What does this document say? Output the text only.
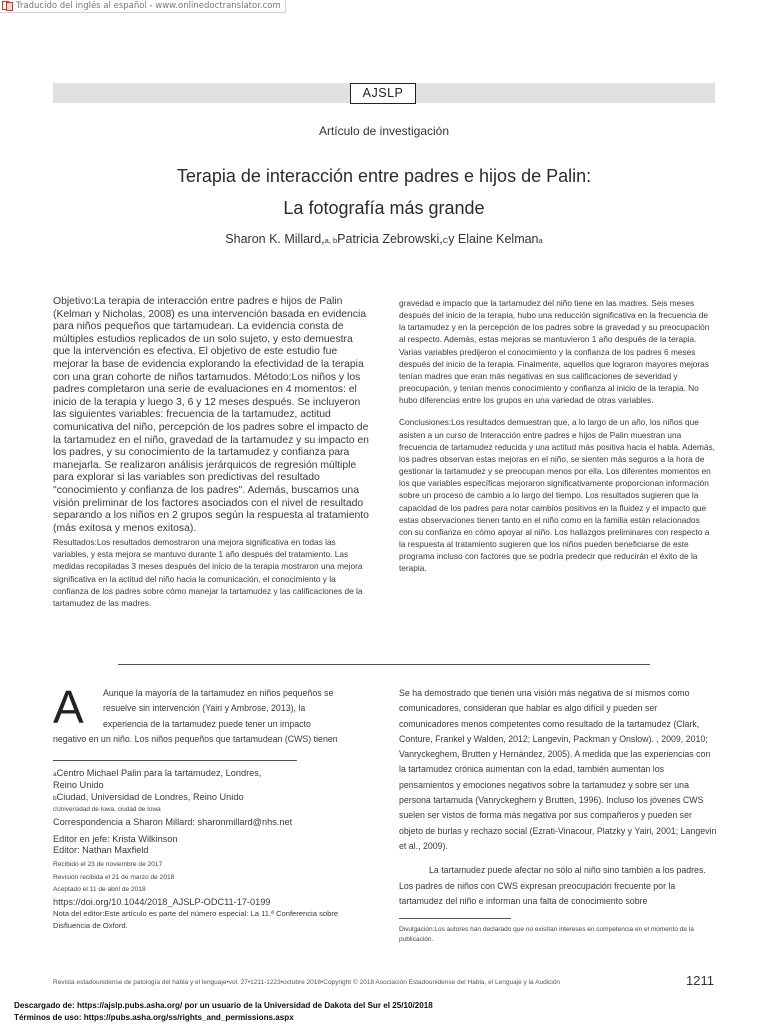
Traducido del inglés al español - www.onlinedoctranslator.com
AJSLP
Artículo de investigación
Terapia de interacción entre padres e hijos de Palin:
La fotografía más grande
Sharon K. Millard,a, bPatricia Zebrowski,Cy Elaine Kelmana

Objetivo:La terapia de interacción entre padres e hijos de Palin (Kelman y Nicholas, 2008) es una intervención basada en evidencia para niños pequeños que tartamudean. La evidencia consta de múltiples estudios replicados de un solo sujeto, y esto demuestra que la intervención es efectiva. El objetivo de este estudio fue mejorar la base de evidencia explorando la efectividad de la terapia con una gran cohorte de niños tartamudos. Método:Los niños y los padres completaron una serie de evaluaciones en 4 momentos: el inicio de la terapia y luego 3, 6 y 12 meses después. Se incluyeron las siguientes variables: frecuencia de la tartamudez, actitud comunicativa del niño, percepción de los padres sobre el impacto de la tartamudez en el niño, gravedad de la tartamudez y su impacto en los padres, y su conocimiento de la tartamudez y confianza para manejarla. Se realizaron análisis jerárquicos de regresión múltiple para explorar si las variables son predictivas del resultado "conocimiento y confianza de los padres". Además, buscamos una visión preliminar de los factores asociados con el nivel de resultado separando a los niños en 2 grupos según la respuesta al tratamiento (más exitosa y menos exitosa).

Resultados:Los resultados demostraron una mejora significativa en todas las variables, y esta mejora se mantuvo durante 1 año después del tratamiento. Las medidas recopiladas 3 meses después del inicio de la terapia mostraron una mejora significativa en la actitud del niño hacia la comunicación, el conocimiento y la confianza de los padres sobre cómo manejar la tartamudez y las calificaciones de la tartamudez de las madres.

gravedad e impacto que la tartamudez del niño tiene en las madres. Seis meses después del inicio de la terapia, hubo una reducción significativa en la frecuencia de la tartamudez y en la percepción de los padres sobre la gravedad y su preocupación al respecto. Además, estas mejoras se mantuvieron 1 año después de la terapia. Varias variables predijeron el conocimiento y la confianza de los padres 6 meses después del inicio de la terapia. Finalmente, aquellos que lograron mayores mejoras tenían madres que eran más negativas en sus calificaciones de severidad y preocupación, y tenían menos conocimiento y confianza al inicio de la terapia. No hubo diferencias entre los grupos en una variedad de otras variables.

Conclusiones:Los resultados demuestran que, a lo largo de un año, los niños que asisten a un curso de Interacción entre padres e hijos de Palin muestran una frecuencia de tartamudez reducida y una actitud más positiva hacia el habla. Además, los padres observan estas mejoras en el niño, se sienten más seguros a la hora de gestionar la tartamudez y se preocupan menos por ella. Los diferentes momentos en los que variables específicas mejoraron significativamente proporcionan información sobre un proceso de cambio a lo largo del tiempo. Los resultados sugieren que la capacidad de los padres para notar cambios positivos en la fluidez y el impacto que estas observaciones tienen tanto en el niño como en la familia están relacionados con su confianza en cómo apoyar al niño. Los hallazgos preliminares con respecto a la respuesta al tratamiento sugieren que los niños pueden beneficiarse de este programa incluso con factores que se podría predecir que reducirán el éxito de la terapia.

A	Aunque la mayoría de la tartamudez en niños pequeños se

resuelve sin intervención (Yairi y Ambrose, 2013), la

experiencia de la tartamudez puede tener un impacto

negativo en un niño. Los niños pequeños que tartamudean (CWS) tienen

aCentro Michael Palin para la tartamudez, Londres,
Reino Unido
bCiudad, Universidad de Londres, Reino Unido
cUniversidad de Iowa, ciudad de Iowa
Correspondencia a Sharon Millard: sharonmillard@nhs.net
Editor en jefe: Krista Wilkinson
Editor: Nathan Maxfield
Recibido el 23 de noviembre de 2017
Revisión recibida el 21 de marzo de 2018
Aceptado el 11 de abril de 2018
https://doi.org/10.1044/2018_AJSLP-ODC11-17-0199
Nota del editor:Este artículo es parte del número especial: La 11.ª Conferencia sobre
Disfluencia de Oxford.

Se ha demostrado que tienen una visión más negativa de sí mismos como comunicadores, consideran que hablar es algo difícil y pueden ser comunicadores menos competentes como resultado de la tartamudez (Clark, Conture, Frankel y Walden, 2012; Langevin, Packman y Onslow). , 2009, 2010; Vanryckeghem, Brutten y Hernández, 2005). A medida que las experiencias con la tartamudez crónica aumentan con la edad, también aumentan los pensamientos y emociones negativos sobre la tartamudez y sobre ser una persona tartamuda (Vanryckeghem y Brutten, 1996). Incluso los jóvenes CWS suelen ser vistos de forma más negativa por sus compañeros y pueden ser objeto de burlas y rechazo social (Ezrati-Vinacour, Platzky y Yairi, 2001; Langevin et al., 2009).

La tartamudez puede afectar no sólo al niño sino también a los padres. Los padres de niños con CWS expresan preocupación frecuente por la tartamudez del niño e informan una falta de conocimiento sobre

Divulgación:Los autores han declarado que no existían intereses en competencia en el momento de la publicación.
Revista estadounidense de patología del habla y el lenguaje•vol. 27•1211-1223•octubre 2018•Copyright © 2018 Asociación Estadounidense del Habla, el Lenguaje y la Audición	1211
Descargado de: https://ajslp.pubs.asha.org/ por un usuario de la Universidad de Dakota del Sur el 25/10/2018
Términos de uso: https://pubs.asha.org/ss/rights_and_permissions.aspx
